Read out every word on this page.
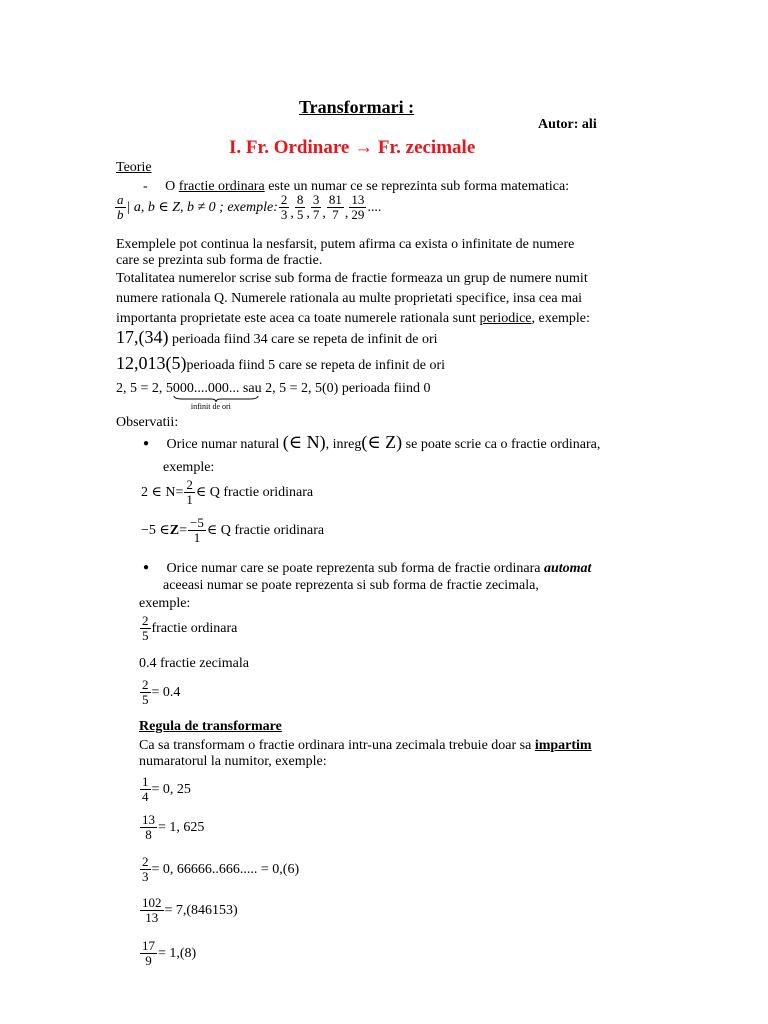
Transformari :
Autor: ali
I. Fr. Ordinare → Fr. zecimale
Teorie
- O fractie ordinara este un numar ce se reprezinta sub forma matematica:
$\frac{a}{b}$ | a, b ∈ Z, b ≠ 0 ; exemple: $\frac{2}{3}$ , $\frac{8}{5}$ , $\frac{3}{7}$ , $\frac{81}{7}$ , $\frac{13}{29}$ ....
Exemplele pot continua la nesfarsit, putem afirma ca exista o infinitate de numere
care se prezinta sub forma de fractie.
Totalitatea numerelor scrise sub forma de fractie formeaza un grup de numere numit
numere rationala Q. Numerele rationala au multe proprietati specifice, insa cea mai
importanta proprietate este acea ca toate numerele rationala sunt periodice, exemple:
17,(34) perioada fiind 34 care se repeta de infinit de ori
12,013(5)perioada fiind 5 care se repeta de infinit de ori
2, 5 = 2, 5000....000...
infinit de ori
sau 2, 5 = 2, 5(0) perioada fiind 0
Observatii:
● Orice numar natural (∈ N), inreg(∈ Z) se poate scrie ca o fractie ordinara,
exemple:
2 ∈ $N= \frac{2}{1}$ ∈ Q fractie oridinara
−5 ∈ $Z = \frac{-5}{1}$ ∈ Q fractie oridinara
● Orice numar care se poate reprezenta sub forma de fractie ordinara automat
aceeasi numar se poate reprezenta si sub forma de fractie zecimala,
exemple:
$\frac{2}{5}$ fractie ordinara
0.4 fractie zecimala
$\frac{2}{5} = 0.4$
Regula de transformare
Ca sa transformam o fractie ordinara intr-una zecimala trebuie doar sa impartim
numaratorul la numitor, exemple:
$\frac{1}{4} = 0$, 25
$\frac{13}{8} = 1$, 625
$\frac{2}{3} = 0$, 66666..666..... = 0,(6)
$\frac{102}{13} = 7,(846153)$
$\frac{17}{9} = 1,(8)$
